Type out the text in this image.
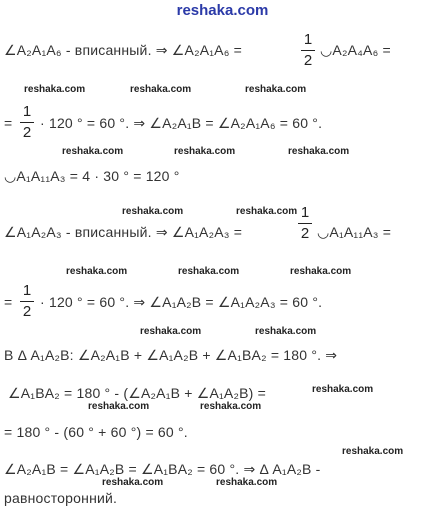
reshaka.com
∠A₂A₁A₆ - вписанный. ⇒ ∠A₂A₁A₆ =
1
2
◡A₂A₄A₆ =
reshaka.com	reshaka.com	reshaka.com
=
1
2
· 120 ° = 60 °. ⇒ ∠A₂A₁B = ∠A₂A₁A₆ = 60 °.
reshaka.com	reshaka.com	reshaka.com
◡A₁A₁₁A₃ = 4 · 30 ° = 120 °
reshaka.com	reshaka.com
∠A₁A₂A₃ - вписанный. ⇒ ∠A₁A₂A₃ =
1
2 ◡A₁A₁₁A₃ =
reshaka.com	reshaka.com	reshaka.com
=
1
2
· 120 ° = 60 °. ⇒ ∠A₁A₂B = ∠A₁A₂A₃ = 60 °.
reshaka.com	reshaka.com
В Δ A₁A₂B: ∠A₂A₁B + ∠A₁A₂B + ∠A₁BA₂ = 180 °. ⇒
∠A₁BA₂ = 180 ° - (∠A₂A₁B + ∠A₁A₂B) =	reshaka.com
reshaka.com	reshaka.com
= 180 ° - (60 ° + 60 °) = 60 °.
reshaka.com
∠A₂A₁B = ∠A₁A₂B = ∠A₁BA₂ = 60 °. ⇒ Δ A₁A₂B -
reshaka.com	reshaka.com
равносторонний.
